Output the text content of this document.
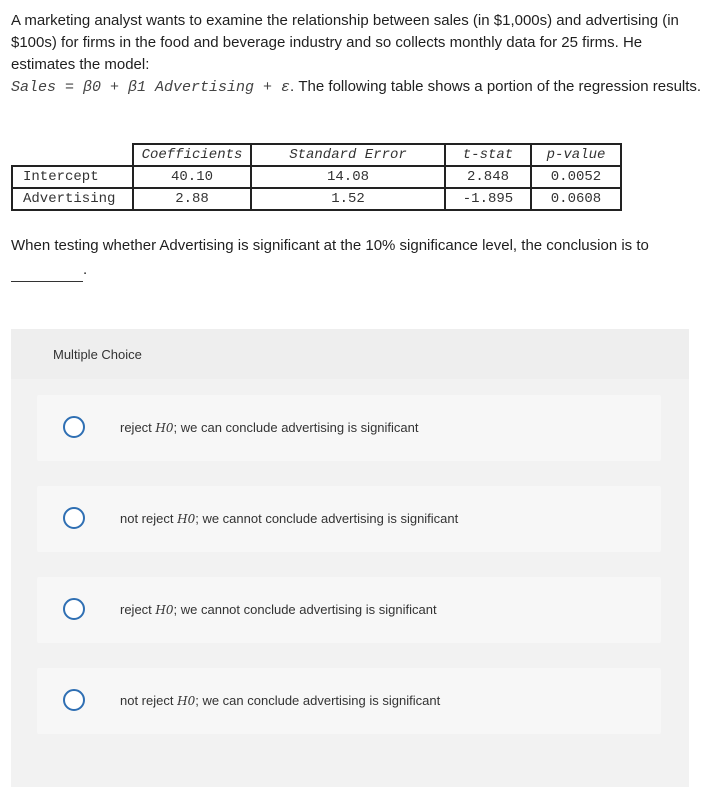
A marketing analyst wants to examine the relationship between sales (in $1,000s) and advertising (in $100s) for firms in the food and beverage industry and so collects monthly data for 25 firms. He estimates the model:
Sales = β0 + β1 Advertising + ε. The following table shows a portion of the regression results.
	Coefficients	Standard Error	t-stat	p-value
Intercept	40.10	14.08	2.848	0.0052
Advertising	2.88	1.52	-1.895	0.0608
When testing whether Advertising is significant at the 10% significance level, the conclusion is to
.
Multiple Choice
reject H0; we can conclude advertising is significant
not reject H0; we cannot conclude advertising is significant
reject H0; we cannot conclude advertising is significant
not reject H0; we can conclude advertising is significant
